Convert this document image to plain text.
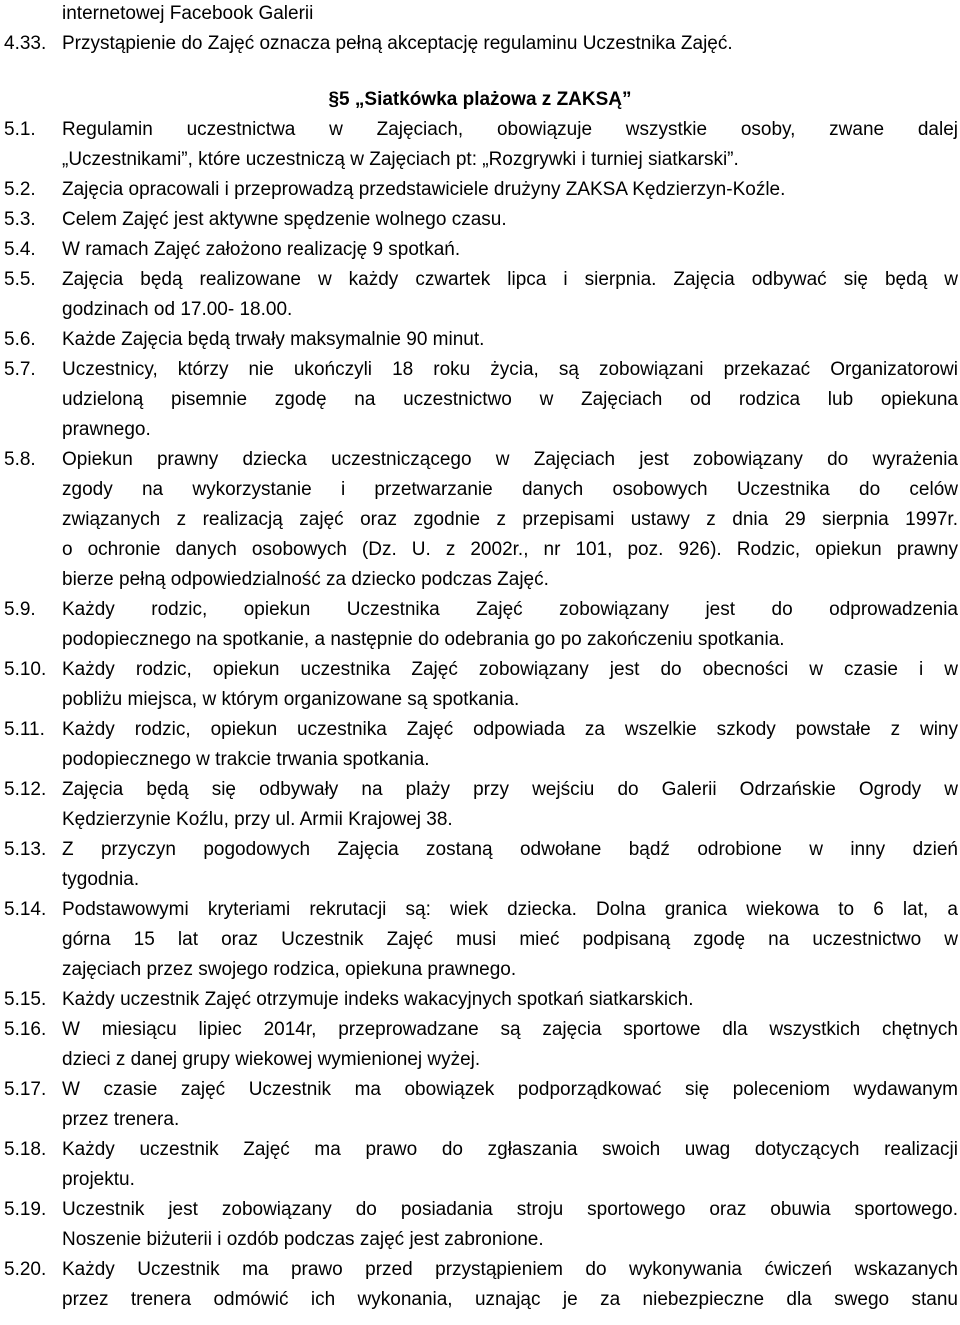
internetowej Facebook Galerii
4.33. Przystąpienie do Zajęć oznacza pełną akceptację regulaminu Uczestnika Zajęć.
§5 „Siatkówka plażowa z ZAKSĄ”
5.1. Regulamin uczestnictwa w Zajęciach, obowiązuje wszystkie osoby, zwane dalej
„Uczestnikami”, które uczestniczą w Zajęciach pt: „Rozgrywki i turniej siatkarski”.
5.2. Zajęcia opracowali i przeprowadzą przedstawiciele drużyny ZAKSA Kędzierzyn-Koźle.
5.3. Celem Zajęć jest aktywne spędzenie wolnego czasu.
5.4. W ramach Zajęć założono realizację 9 spotkań.
5.5. Zajęcia będą realizowane w każdy czwartek lipca i sierpnia. Zajęcia odbywać się będą w
godzinach od 17.00- 18.00.
5.6. Każde Zajęcia będą trwały maksymalnie 90 minut.
5.7. Uczestnicy, którzy nie ukończyli 18 roku życia, są zobowiązani przekazać Organizatorowi
udzieloną pisemnie zgodę na uczestnictwo w Zajęciach od rodzica lub opiekuna
prawnego.
5.8. Opiekun prawny dziecka uczestniczącego w Zajęciach jest zobowiązany do wyrażenia
zgody na wykorzystanie i przetwarzanie danych osobowych Uczestnika do celów
związanych z realizacją zajęć oraz zgodnie z przepisami ustawy z dnia 29 sierpnia 1997r.
o ochronie danych osobowych (Dz. U. z 2002r., nr 101, poz. 926). Rodzic, opiekun prawny
bierze pełną odpowiedzialność za dziecko podczas Zajęć.
5.9. Każdy rodzic, opiekun Uczestnika Zajęć zobowiązany jest do odprowadzenia
podopiecznego na spotkanie, a następnie do odebrania go po zakończeniu spotkania.
5.10. Każdy rodzic, opiekun uczestnika Zajęć zobowiązany jest do obecności w czasie i w
pobliżu miejsca, w którym organizowane są spotkania.
5.11. Każdy rodzic, opiekun uczestnika Zajęć odpowiada za wszelkie szkody powstałe z winy
podopiecznego w trakcie trwania spotkania.
5.12. Zajęcia będą się odbywały na plaży przy wejściu do Galerii Odrzańskie Ogrody w
Kędzierzynie Koźlu, przy ul. Armii Krajowej 38.
5.13. Z przyczyn pogodowych Zajęcia zostaną odwołane bądź odrobione w inny dzień
tygodnia.
5.14. Podstawowymi kryteriami rekrutacji są: wiek dziecka. Dolna granica wiekowa to 6 lat, a
górna 15 lat oraz Uczestnik Zajęć musi mieć podpisaną zgodę na uczestnictwo w
zajęciach przez swojego rodzica, opiekuna prawnego.
5.15. Każdy uczestnik Zajęć otrzymuje indeks wakacyjnych spotkań siatkarskich.
5.16. W miesiącu lipiec 2014r, przeprowadzane są zajęcia sportowe dla wszystkich chętnych
dzieci z danej grupy wiekowej wymienionej wyżej.
5.17. W czasie zajęć Uczestnik ma obowiązek podporządkować się poleceniom wydawanym
przez trenera.
5.18. Każdy uczestnik Zajęć ma prawo do zgłaszania swoich uwag dotyczących realizacji
projektu.
5.19. Uczestnik jest zobowiązany do posiadania stroju sportowego oraz obuwia sportowego.
Noszenie biżuterii i ozdób podczas zajęć jest zabronione.
5.20. Każdy Uczestnik ma prawo przed przystąpieniem do wykonywania ćwiczeń wskazanych
przez trenera odmówić ich wykonania, uznając je za niebezpieczne dla swego stanu
